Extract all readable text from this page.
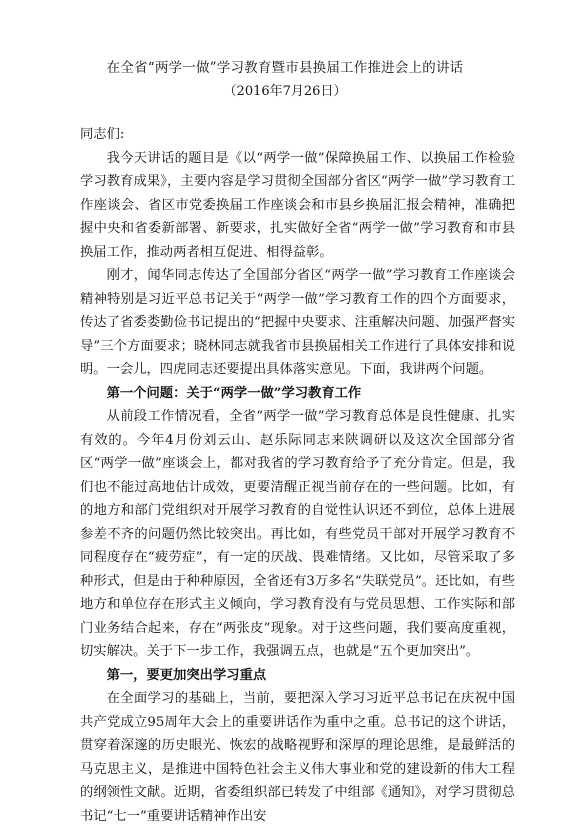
在全省“两学一做”学习教育暨市县换届工作推进会上的讲话
（2016年7月26日）

同志们:

我今天讲话的题目是《以“两学一做”保障换届工作、以换届工作检验学习教育成果》，主要内容是学习贯彻全国部分省区“两学一做”学习教育工作座谈会、省区市党委换届工作座谈会和市县乡换届汇报会精神，准确把握中央和省委新部署、新要求，扎实做好全省“两学一做”学习教育和市县换届工作，推动两者相互促进、相得益彰。

刚才，闻华同志传达了全国部分省区“两学一做”学习教育工作座谈会精神特别是习近平总书记关于“两学一做”学习教育工作的四个方面要求，传达了省委娄勤俭书记提出的“把握中央要求、注重解决问题、加强严督实导”三个方面要求；晓林同志就我省市县换届相关工作进行了具体安排和说明。一会儿，四虎同志还要提出具体落实意见。下面，我讲两个问题。

第一个问题：关于“两学一做”学习教育工作

从前段工作情况看，全省“两学一做”学习教育总体是良性健康、扎实有效的。今年4月份刘云山、赵乐际同志来陕调研以及这次全国部分省区“两学一做”座谈会上，都对我省的学习教育给予了充分肯定。但是，我们也不能过高地估计成效，更要清醒正视当前存在的一些问题。比如，有的地方和部门党组织对开展学习教育的自觉性认识还不到位，总体上进展参差不齐的问题仍然比较突出。再比如，有些党员干部对开展学习教育不同程度存在“疲劳症”，有一定的厌战、畏难情绪。又比如，尽管采取了多种形式，但是由于种种原因，全省还有3万多名“失联党员”。还比如，有些地方和单位存在形式主义倾向，学习教育没有与党员思想、工作实际和部门业务结合起来，存在“两张皮”现象。对于这些问题，我们要高度重视，切实解决。关于下一步工作，我强调五点，也就是“五个更加突出”。

第一，要更加突出学习重点

在全面学习的基础上，当前，要把深入学习习近平总书记在庆祝中国共产党成立95周年大会上的重要讲话作为重中之重。总书记的这个讲话，贯穿着深邃的历史眼光、恢宏的战略视野和深厚的理论思维，是最鲜活的马克思主义，是推进中国特色社会主义伟大事业和党的建设新的伟大工程的纲领性文献。近期，省委组织部已转发了中组部《通知》，对学习贯彻总书记“七一”重要讲话精神作出安
